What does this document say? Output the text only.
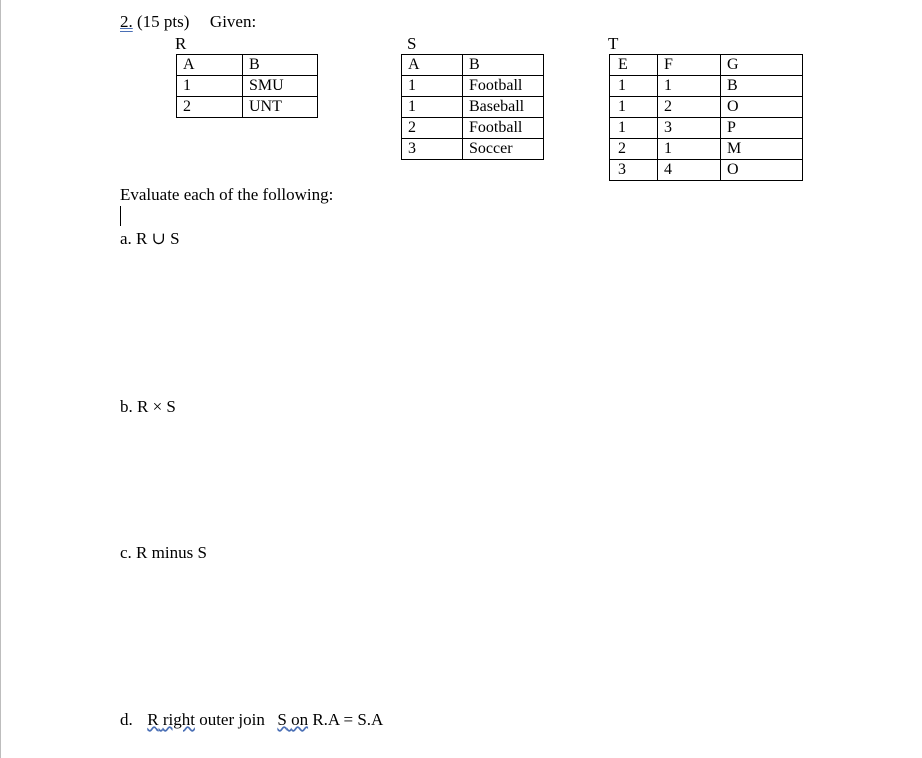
2. (15 pts) Given:
R	S	T
A	B
1	SMU
2	UNT
A	B
1	Football
1	Baseball
2	Football
3	Soccer
E	F	G
1	1	B
1	2	O
1	3	P
2	1	M
3	4	O
Evaluate each of the following:
a. R ∪ S
b. R × S
c. R minus S
d. R right outer join S on R.A = S.A
